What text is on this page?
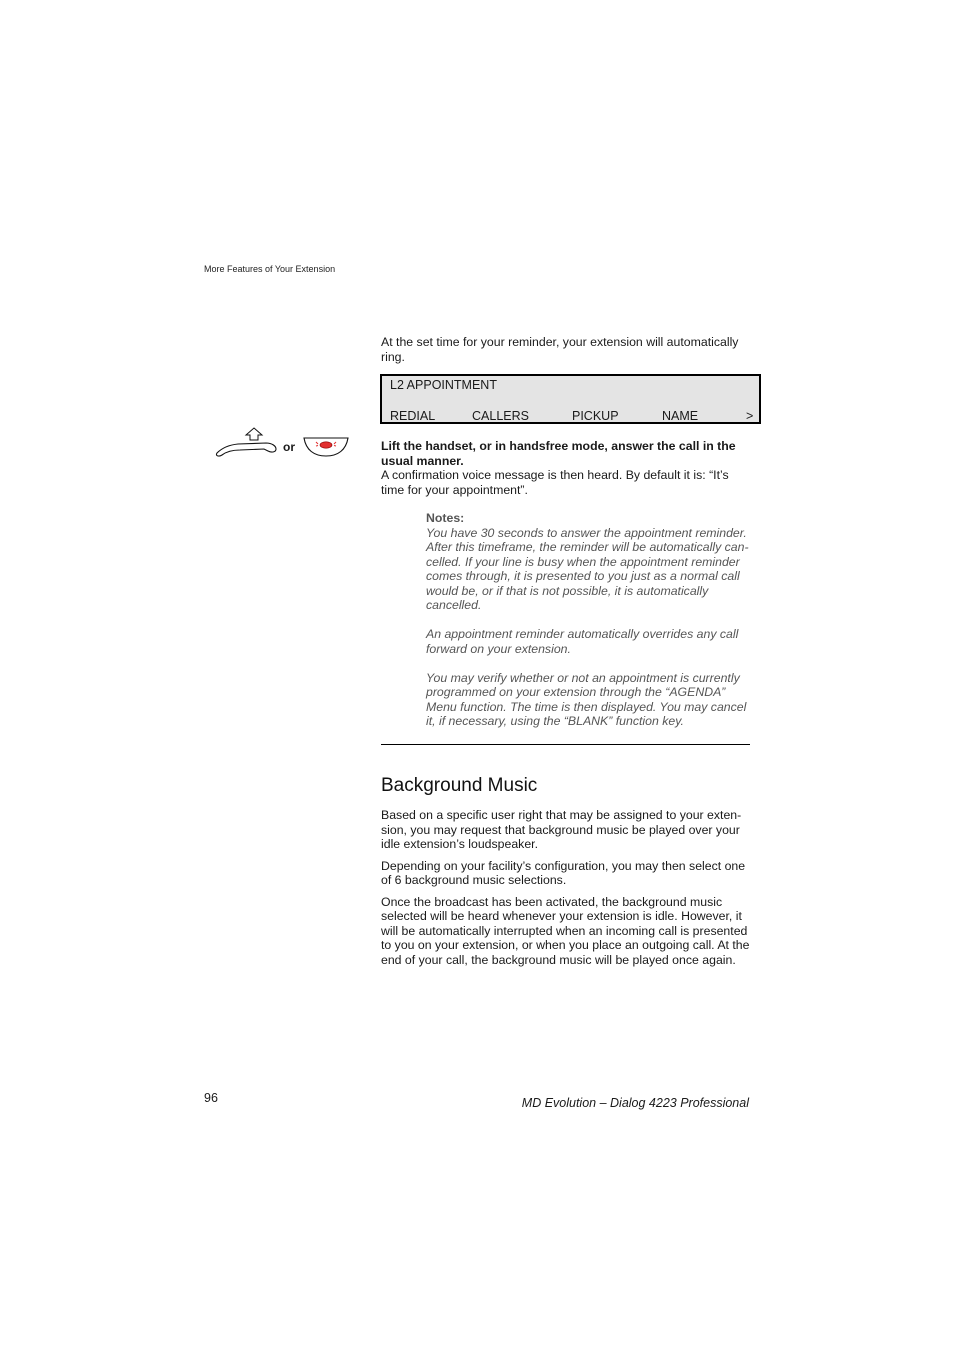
More Features of Your Extension
At the set time for your reminder, your extension will automatically ring.
L2 APPOINTMENT
REDIAL	CALLERS	PICKUP	NAME	>
or	Lift the handset, or in handsfree mode, answer the call in the usual manner.
A confirmation voice message is then heard. By default it is: “It’s time for your appointment”.
Notes:

You have 30 seconds to answer the appointment reminder. After this timeframe, the reminder will be automatically can-celled. If your line is busy when the appointment reminder comes through, it is presented to you just as a normal call would be, or if that is not possible, it is automatically cancelled.

An appointment reminder automatically overrides any call forward on your extension.

You may verify whether or not an appointment is currently programmed on your extension through the “AGENDA” Menu function. The time is then displayed. You may cancel it, if necessary, using the “BLANK” function key.

Background Music

Based on a specific user right that may be assigned to your exten-sion, you may request that background music be played over your idle extension’s loudspeaker.

Depending on your facility’s configuration, you may then select one of 6 background music selections.

Once the broadcast has been activated, the background music selected will be heard whenever your extension is idle. However, it will be automatically interrupted when an incoming call is presented to you on your extension, or when you place an outgoing call. At the end of your call, the background music will be played once again.

96	MD Evolution – Dialog 4223 Professional
